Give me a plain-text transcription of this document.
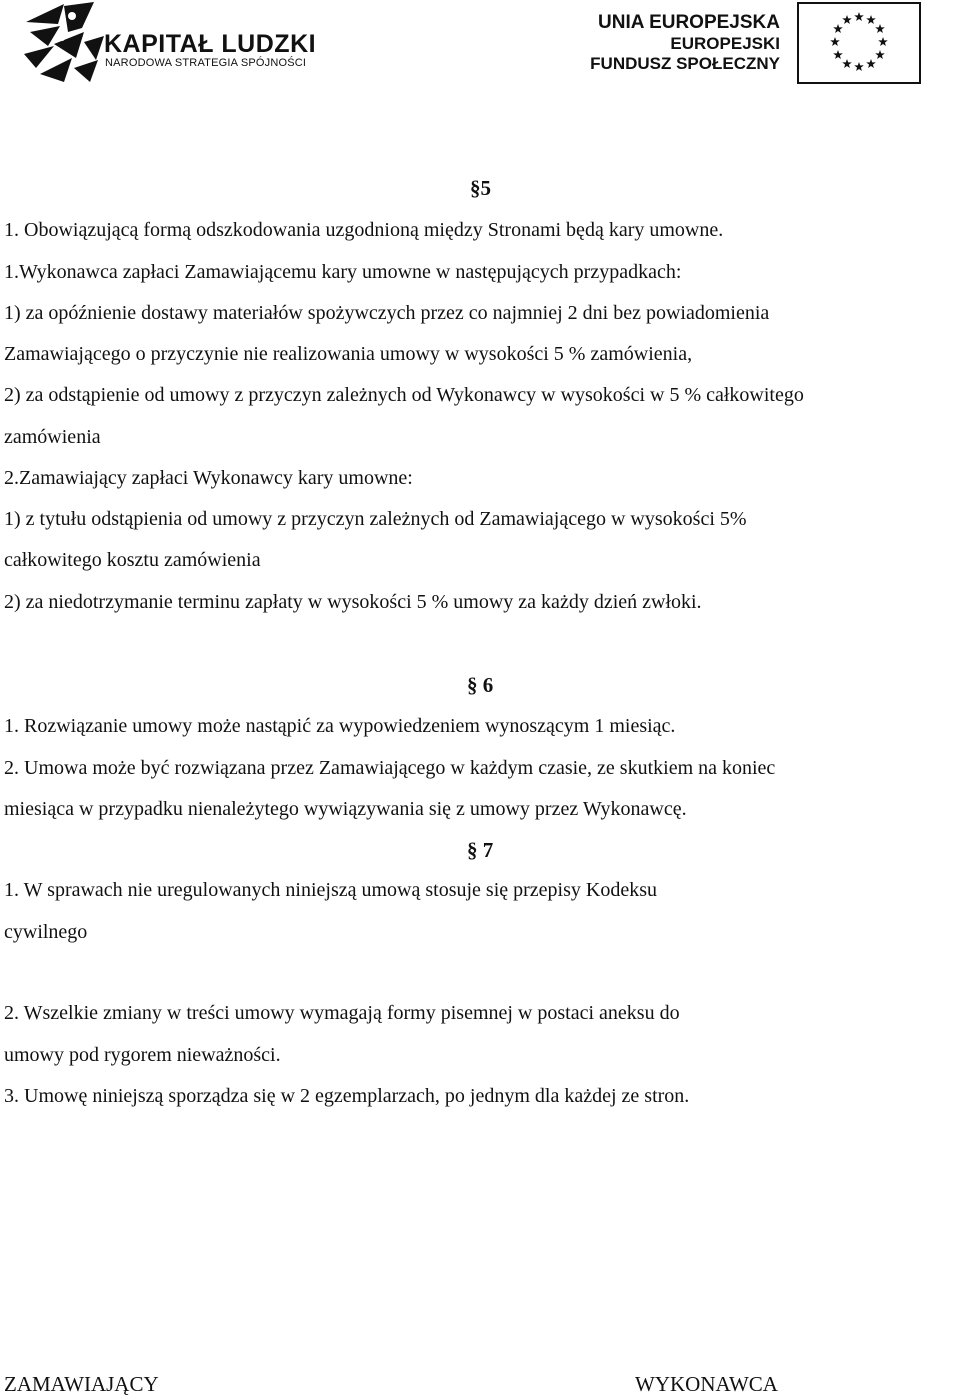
KAPITAŁ LUDZKI
NARODOWA STRATEGIA SPÓJNOŚCI
UNIA EUROPEJSKA
EUROPEJSKI
FUNDUSZ SPOŁECZNY
§5
1. Obowiązującą formą odszkodowania uzgodnioną między Stronami będą kary umowne.
1.Wykonawca zapłaci Zamawiającemu kary umowne w następujących przypadkach:
1) za opóźnienie dostawy materiałów spożywczych przez co najmniej 2 dni bez powiadomienia
Zamawiającego o przyczynie nie realizowania umowy w wysokości 5 % zamówienia,
2) za odstąpienie od umowy z przyczyn zależnych od Wykonawcy w wysokości w 5 % całkowitego
zamówienia
2.Zamawiający zapłaci Wykonawcy kary umowne:
1) z tytułu odstąpienia od umowy z przyczyn zależnych od Zamawiającego w wysokości 5%
całkowitego kosztu zamówienia
2) za niedotrzymanie terminu zapłaty w wysokości 5 % umowy za każdy dzień zwłoki.
§ 6
1. Rozwiązanie umowy może nastąpić za wypowiedzeniem wynoszącym 1 miesiąc.
2. Umowa może być rozwiązana przez Zamawiającego w każdym czasie, ze skutkiem na koniec
miesiąca w przypadku nienależytego wywiązywania się z umowy przez Wykonawcę.
§ 7
1. W sprawach nie uregulowanych niniejszą umową stosuje się przepisy Kodeksu
cywilnego
2. Wszelkie zmiany w treści umowy wymagają formy pisemnej w postaci aneksu do
umowy pod rygorem nieważności.
3. Umowę niniejszą sporządza się w 2 egzemplarzach, po jednym dla każdej ze stron.
ZAMAWIAJĄCY	WYKONAWCA
